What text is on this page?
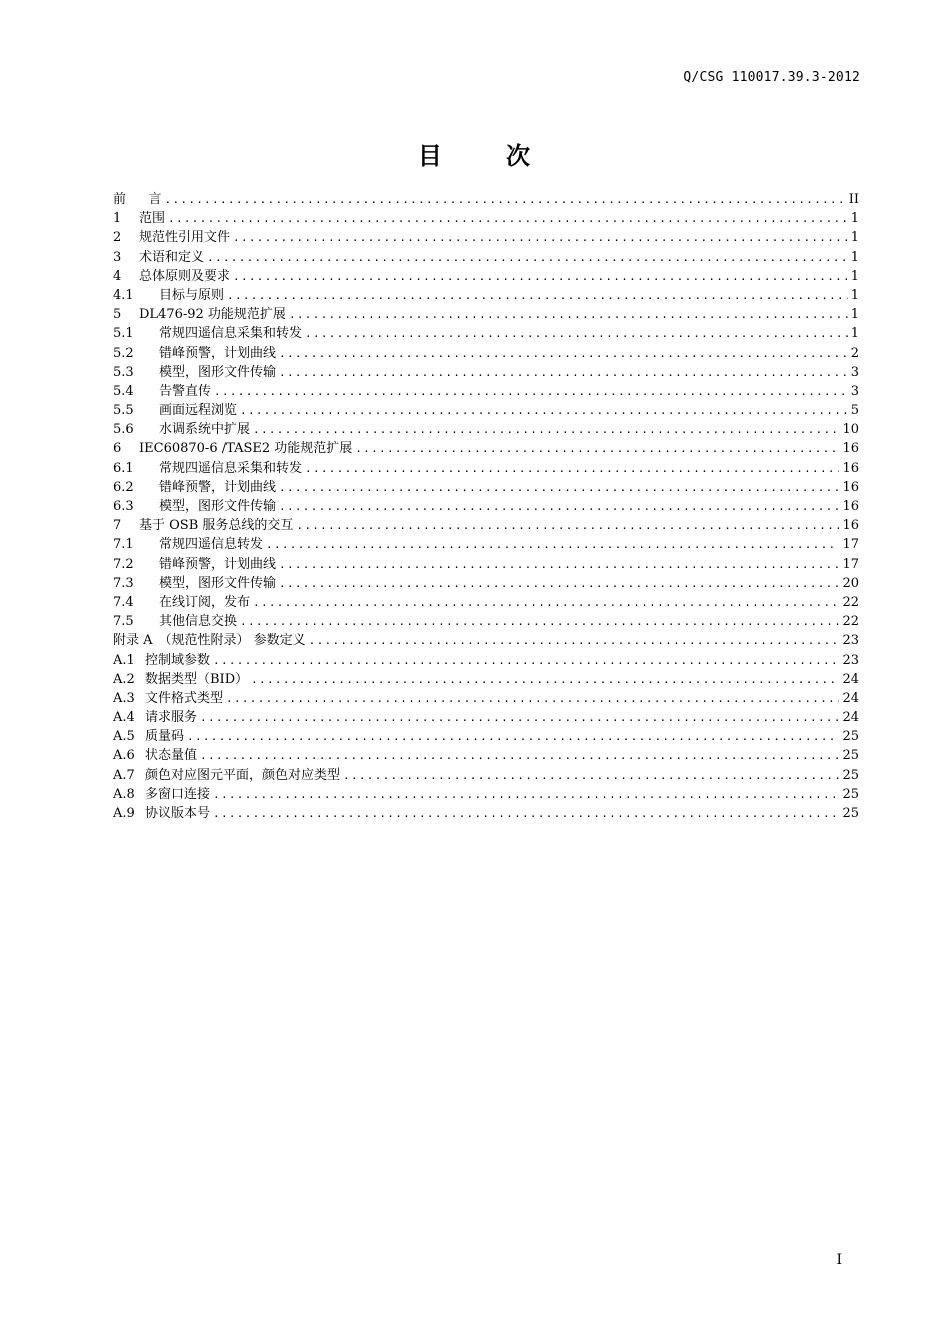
Q/CSG 110017.39.3-2012
目      次
前 言 .....	II
1	范围 .....	1
2	规范性引用文件 .....	1
3	术语和定义 .....	1
4	总体原则及要求 .....	1
4.1	目标与原则 .....	1
5	DL476-92 功能规范扩展 .....	1
5.1	常规四遥信息采集和转发 .....	1
5.2	错峰预警，计划曲线 .....	2
5.3	模型，图形文件传输 .....	3
5.4	告警直传 .....	3
5.5	画面远程浏览 .....	5
5.6	水调系统中扩展 .....	10
6	IEC60870-6 /TASE2 功能规范扩展 .....	16
6.1	常规四遥信息采集和转发 .....	16
6.2	错峰预警，计划曲线 .....	16
6.3	模型，图形文件传输 .....	16
7	基于 OSB 服务总线的交互 .....	16
7.1	常规四遥信息转发 .....	17
7.2	错峰预警，计划曲线 .....	17
7.3	模型，图形文件传输 .....	20
7.4	在线订阅，发布 .....	22
7.5	其他信息交换 .....	22
附录 A （规范性附录） 参数定义 .....	23
A.1 控制域参数 .....	23
A.2 数据类型（BID） .....	24
A.3 文件格式类型 .....	24
A.4 请求服务 .....	24
A.5 质量码 .....	25
A.6 状态量值 .....	25
A.7 颜色对应图元平面，颜色对应类型 .....	25
A.8 多窗口连接 .....	25
A.9 协议版本号 .....	25
I
